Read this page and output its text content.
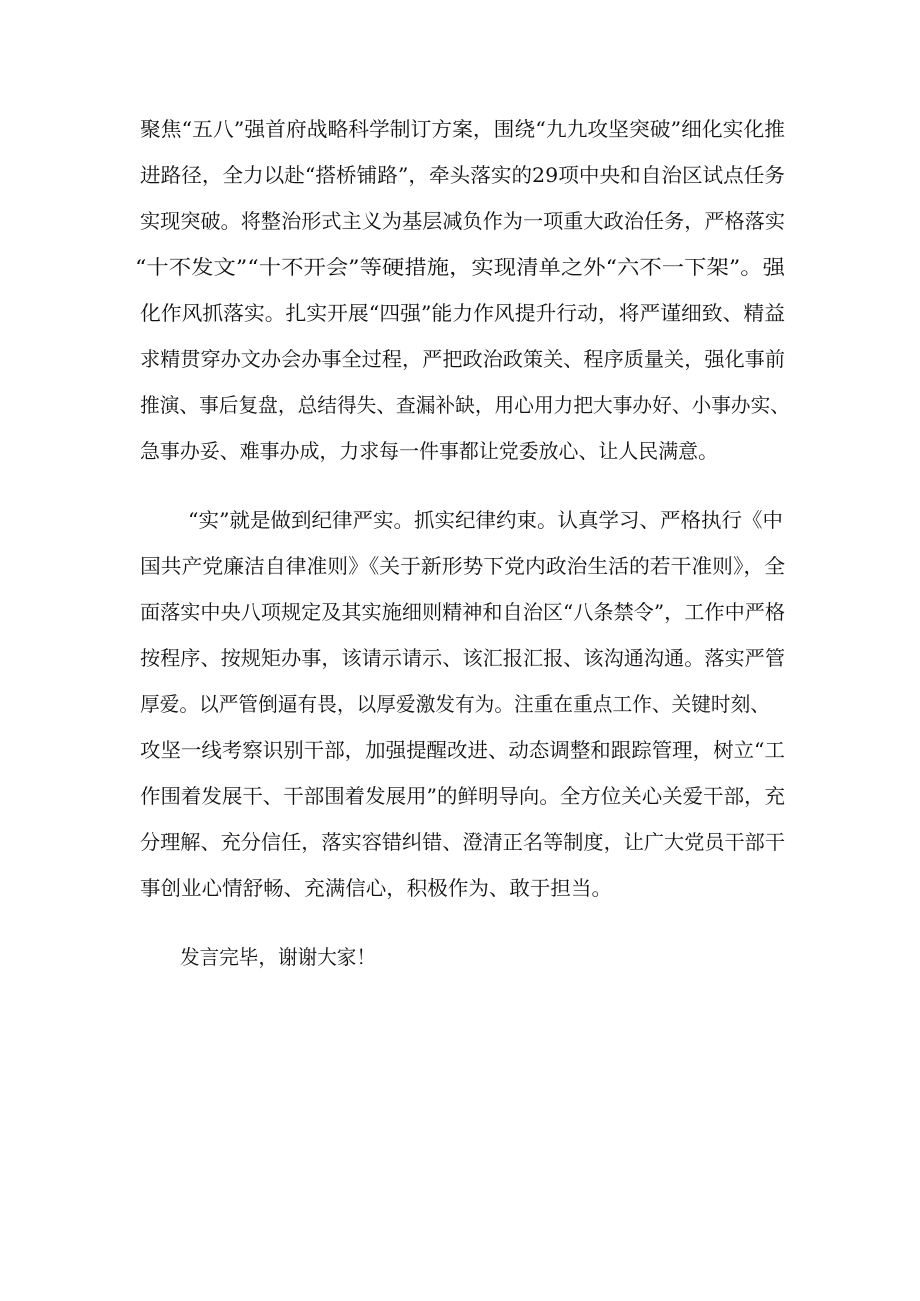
聚焦“五八”强首府战略科学制订方案，围绕“九九攻坚突破”细化实化推
进路径，全力以赴“搭桥铺路”，牵头落实的29项中央和自治区试点任务
实现突破。将整治形式主义为基层减负作为一项重大政治任务，严格落实
“十不发文”“十不开会”等硬措施，实现清单之外“六不一下架”。强
化作风抓落实。扎实开展“四强”能力作风提升行动，将严谨细致、精益
求精贯穿办文办会办事全过程，严把政治政策关、程序质量关，强化事前
推演、事后复盘，总结得失、查漏补缺，用心用力把大事办好、小事办实、
急事办妥、难事办成，力求每一件事都让党委放心、让人民满意。
“实”就是做到纪律严实。抓实纪律约束。认真学习、严格执行《中
国共产党廉洁自律准则》《关于新形势下党内政治生活的若干准则》，全
面落实中央八项规定及其实施细则精神和自治区“八条禁令”，工作中严格
按程序、按规矩办事，该请示请示、该汇报汇报、该沟通沟通。落实严管
厚爱。以严管倒逼有畏，以厚爱激发有为。注重在重点工作、关键时刻、
攻坚一线考察识别干部，加强提醒改进、动态调整和跟踪管理，树立“工
作围着发展干、干部围着发展用”的鲜明导向。全方位关心关爱干部，充
分理解、充分信任，落实容错纠错、澄清正名等制度，让广大党员干部干
事创业心情舒畅、充满信心，积极作为、敢于担当。
发言完毕，谢谢大家！
